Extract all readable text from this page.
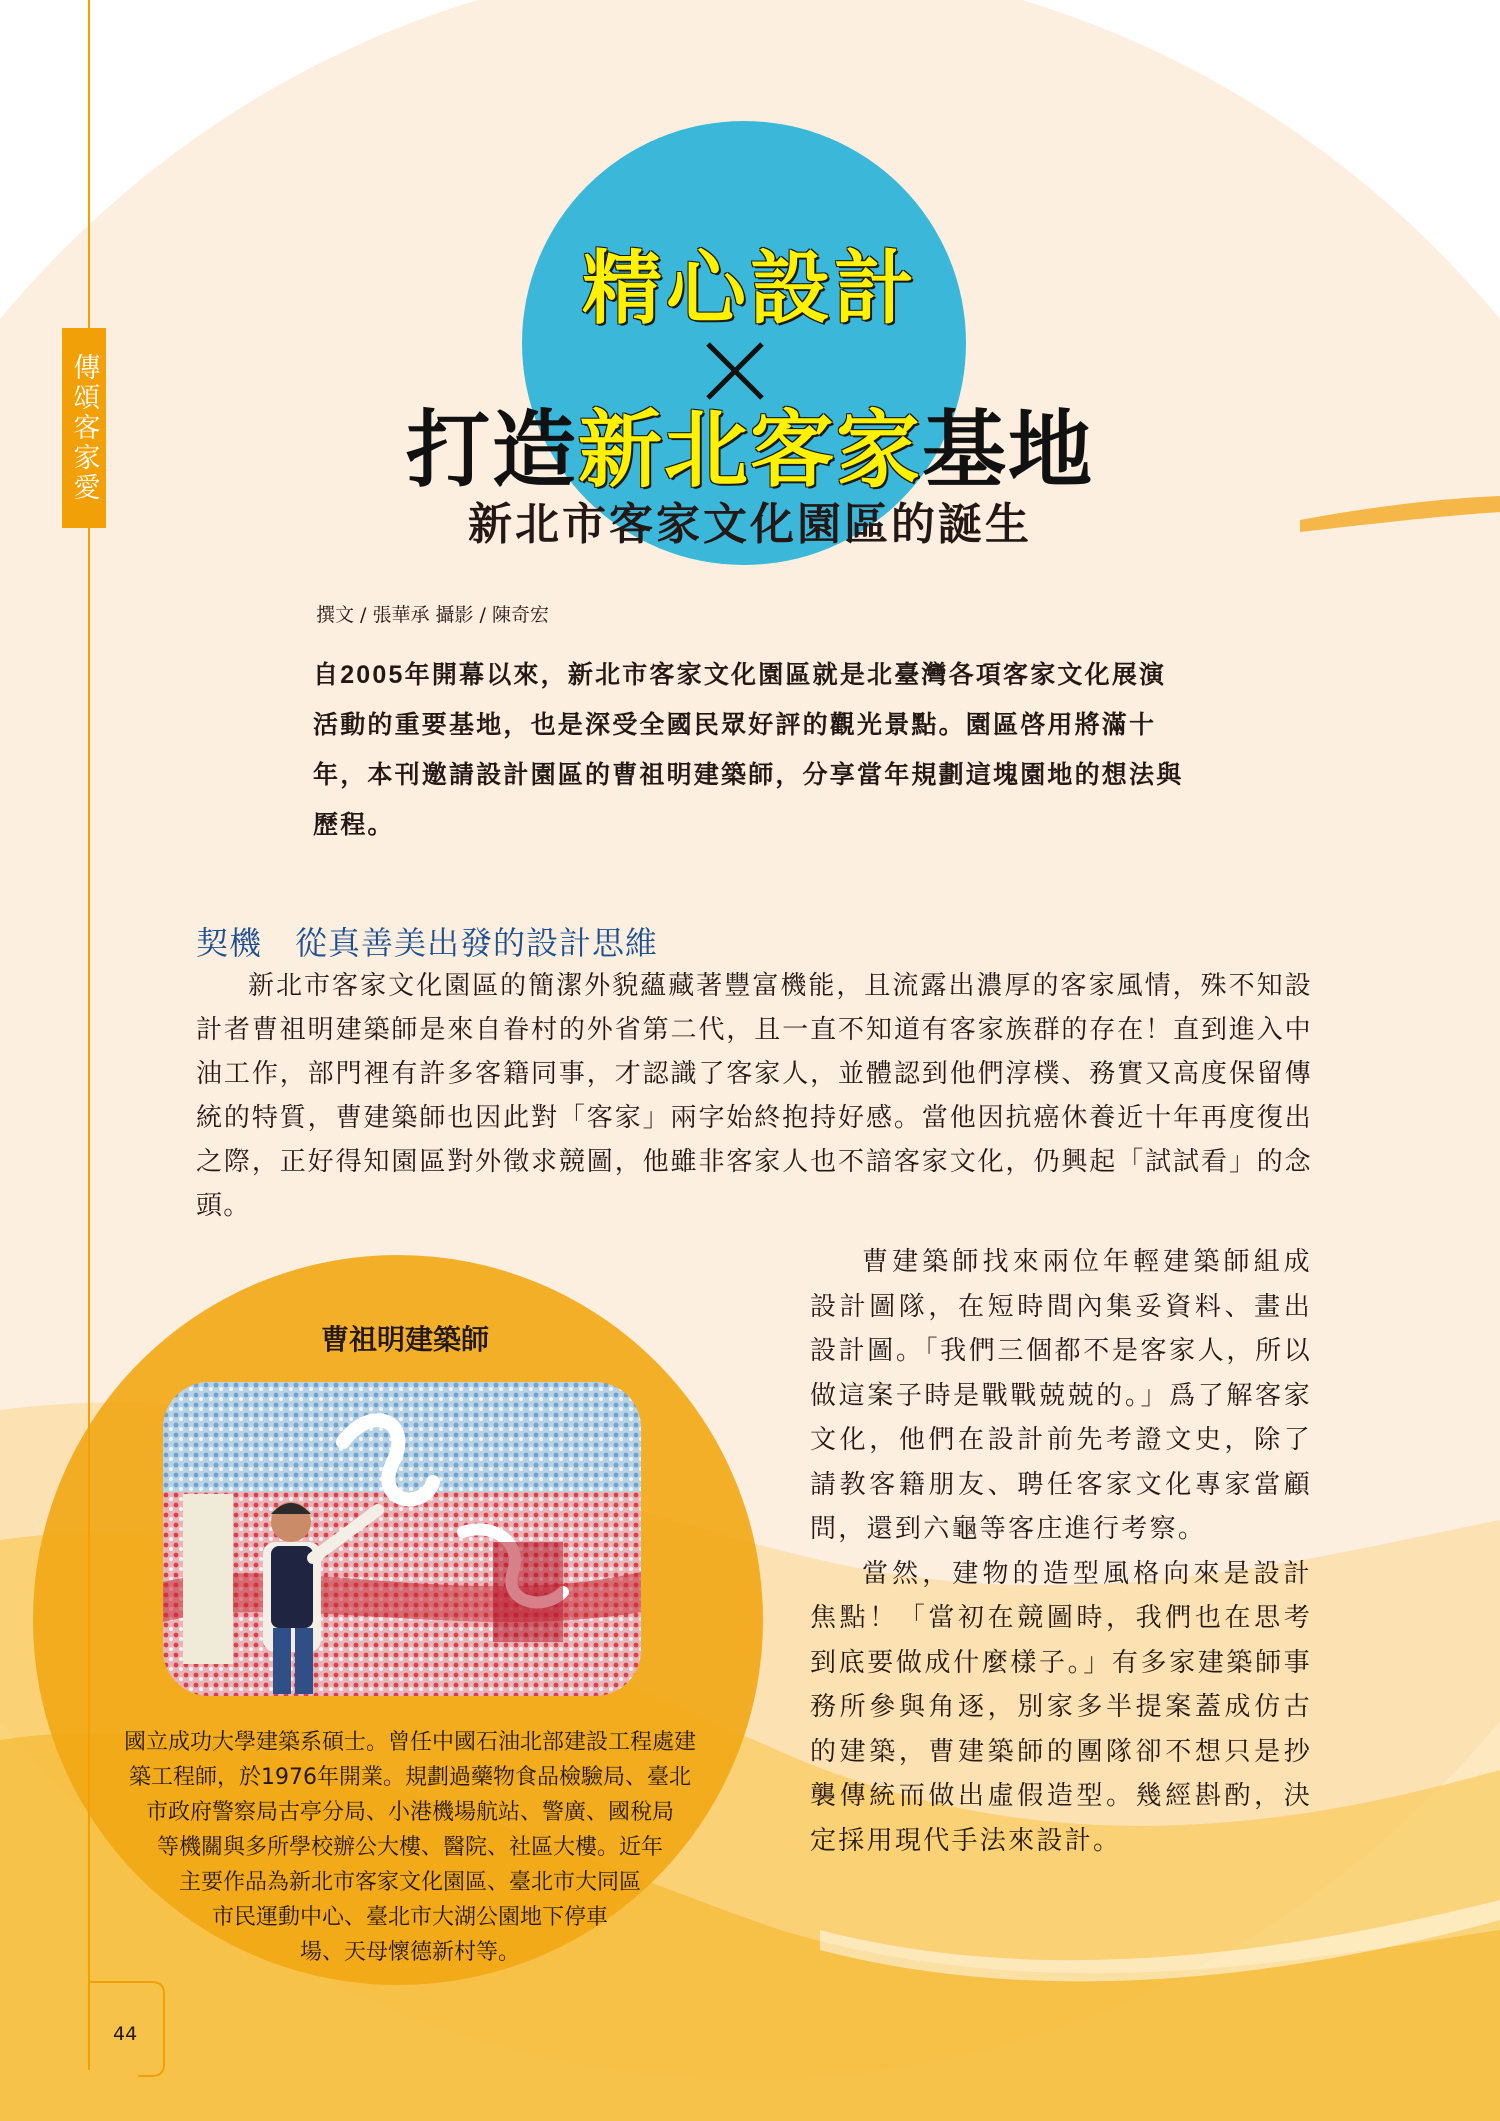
傳頌客家愛
精心設計
打造新北客家基地
新北市客家文化園區的誕生
撰文 / 張華承 攝影 / 陳奇宏
自2005年開幕以來，新北市客家文化園區就是北臺灣各項客家文化展演活動的重要基地，也是深受全國民眾好評的觀光景點。園區啓用將滿十年，本刊邀請設計園區的曹祖明建築師，分享當年規劃這塊園地的想法與歷程。
契機　從真善美出發的設計思維

新北市客家文化園區的簡潔外貌蘊藏著豐富機能，且流露出濃厚的客家風情，殊不知設計者曹祖明建築師是來自眷村的外省第二代，且一直不知道有客家族群的存在！直到進入中油工作，部門裡有許多客籍同事，才認識了客家人，並體認到他們淳樸、務實又高度保留傳統的特質，曹建築師也因此對「客家」兩字始終抱持好感。當他因抗癌休養近十年再度復出之際，正好得知園區對外徵求競圖，他雖非客家人也不諳客家文化，仍興起「試試看」的念頭。

曹建築師找來兩位年輕建築師組成設計圖隊，在短時間內集妥資料、畫出設計圖。「我們三個都不是客家人，所以做這案子時是戰戰兢兢的。」爲了解客家文化，他們在設計前先考證文史，除了請教客籍朋友、聘任客家文化專家當顧問，還到六龜等客庄進行考察。

當然，建物的造型風格向來是設計焦點！「當初在競圖時，我們也在思考到底要做成什麼樣子。」有多家建築師事務所參與角逐，別家多半提案蓋成仿古的建築，曹建築師的團隊卻不想只是抄襲傳統而做出虛假造型。幾經斟酌，決定採用現代手法來設計。

曹祖明建築師
國立成功大學建築系碩士。曾任中國石油北部建設工程處建
築工程師，於1976年開業。規劃過藥物食品檢驗局、臺北
市政府警察局古亭分局、小港機場航站、警廣、國稅局
等機關與多所學校辦公大樓、醫院、社區大樓。近年
主要作品為新北市客家文化園區、臺北市大同區
市民運動中心、臺北市大湖公園地下停車
場、天母懷德新村等。
44
